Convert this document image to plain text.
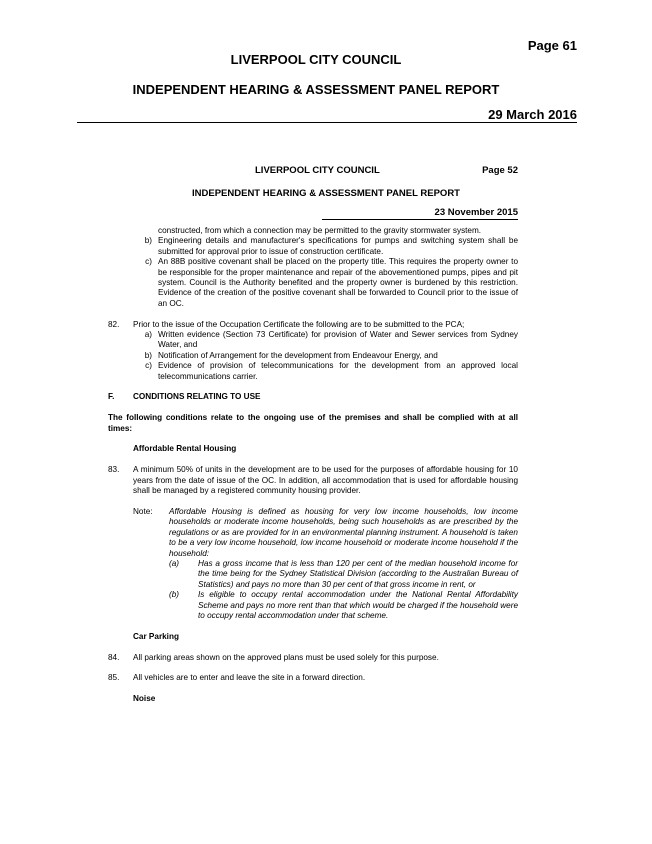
Page 61
LIVERPOOL CITY COUNCIL
INDEPENDENT HEARING & ASSESSMENT PANEL REPORT
29 March 2016
LIVERPOOL CITY COUNCIL	Page 52
INDEPENDENT HEARING & ASSESSMENT PANEL REPORT
23 November 2015
constructed, from which a connection may be permitted to the gravity stormwater system.
b) Engineering details and manufacturer's specifications for pumps and switching system shall be submitted for approval prior to issue of construction certificate.
c) An 88B positive covenant shall be placed on the property title. This requires the property owner to be responsible for the proper maintenance and repair of the abovementioned pumps, pipes and pit system. Council is the Authority benefited and the property owner is burdened by this restriction. Evidence of the creation of the positive covenant shall be forwarded to Council prior to the issue of an OC.
82.	Prior to the issue of the Occupation Certificate the following are to be submitted to the PCA;
a) Written evidence (Section 73 Certificate) for provision of Water and Sewer services from Sydney Water, and
b) Notification of Arrangement for the development from Endeavour Energy, and
c) Evidence of provision of telecommunications for the development from an approved local telecommunications carrier.
F.	CONDITIONS RELATING TO USE

The following conditions relate to the ongoing use of the premises and shall be complied with at all times:

Affordable Rental Housing
83.	A minimum 50% of units in the development are to be used for the purposes of affordable housing for 10 years from the date of issue of the OC. In addition, all accommodation that is used for affordable housing shall be managed by a registered community housing provider.
Note:	Affordable Housing is defined as housing for very low income households, low income households or moderate income households, being such households as are prescribed by the regulations or as are provided for in an environmental planning instrument. A household is taken to be a very low income household, low income household or moderate income household if the household:
(a)	Has a gross income that is less than 120 per cent of the median household income for the time being for the Sydney Statistical Division (according to the Australian Bureau of Statistics) and pays no more than 30 per cent of that gross income in rent, or
(b)	Is eligible to occupy rental accommodation under the National Rental Affordability Scheme and pays no more rent than that which would be charged if the household were to occupy rental accommodation under that scheme.
Car Parking
84.	All parking areas shown on the approved plans must be used solely for this purpose.
85.	All vehicles are to enter and leave the site in a forward direction.
Noise
